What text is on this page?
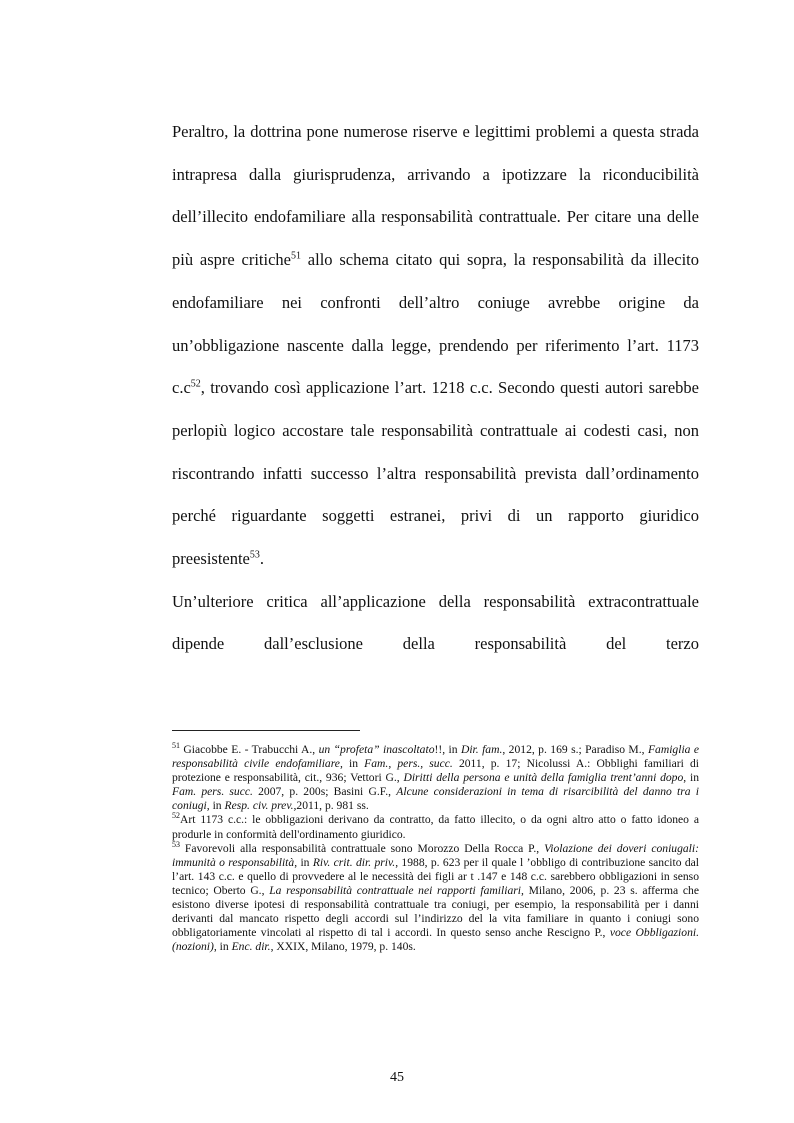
Peraltro, la dottrina pone numerose riserve e legittimi problemi a questa strada intrapresa dalla giurisprudenza, arrivando a ipotizzare la riconducibilità dell’illecito endofamiliare alla responsabilità contrattuale. Per citare una delle più aspre critiche$^{51}$ allo schema citato qui sopra, la responsabilità da illecito endofamiliare nei confronti dell’altro coniuge avrebbe origine da un’obbligazione nascente dalla legge, prendendo per riferimento l’art. 1173 $c.c^{52}$, trovando così applicazione l’art. 1218 c.c. Secondo questi autori sarebbe perlopiù logico accostare tale responsabilità contrattuale ai codesti casi, non riscontrando infatti successo l’altra responsabilità prevista dall’ordinamento perché riguardante soggetti estranei, privi di un rapporto giuridico preesistente$^{53}$.

Un’ulteriore critica all’applicazione della responsabilità extracontrattuale dipende dall’esclusione della responsabilità del terzo

$^{51}$ Giacobbe E. - Trabucchi A., un “profeta” inascoltato!!, in Dir. fam., 2012, p. 169 s.; Paradiso M., Famiglia e responsabilità civile endofamiliare, in Fam., pers., succ. 2011, p. 17; Nicolussi A.: Obblighi familiari di protezione e responsabilità, cit., 936; Vettori G., Diritti della persona e unità della famiglia trent’anni dopo, in Fam. pers. succ. 2007, p. 200s; Basini G.F., Alcune considerazioni in tema di risarcibilità del danno tra i coniugi, in Resp. civ. prev.,2011, p. 981 ss.

$^{52}$Art 1173 c.c.: le obbligazioni derivano da contratto, da fatto illecito, o da ogni altro atto o fatto idoneo a produrle in conformità dell'ordinamento giuridico.

$^{53}$ Favorevoli alla responsabilità contrattuale sono Morozzo Della Rocca P., Violazione dei doveri coniugali: immunità o responsabilità, in Riv. crit. dir. priv., 1988, p. 623 per il quale l ’obbligo di contribuzione sancito dal l’art. 143 c.c. e quello di provvedere al le necessità dei figli ar t .147 e 148 c.c. sarebbero obbligazioni in senso tecnico; Oberto G., La responsabilità contrattuale nei rapporti familiari, Milano, 2006, p. 23 s. afferma che esistono diverse ipotesi di responsabilità contrattuale tra coniugi, per esempio, la responsabilità per i danni derivanti dal mancato rispetto degli accordi sul l’indirizzo del la vita familiare in quanto i coniugi sono obbligatoriamente vincolati al rispetto di tal i accordi. In questo senso anche Rescigno P., voce Obbligazioni. (nozioni), in Enc. dir., XXIX, Milano, 1979, p. 140s.

45
